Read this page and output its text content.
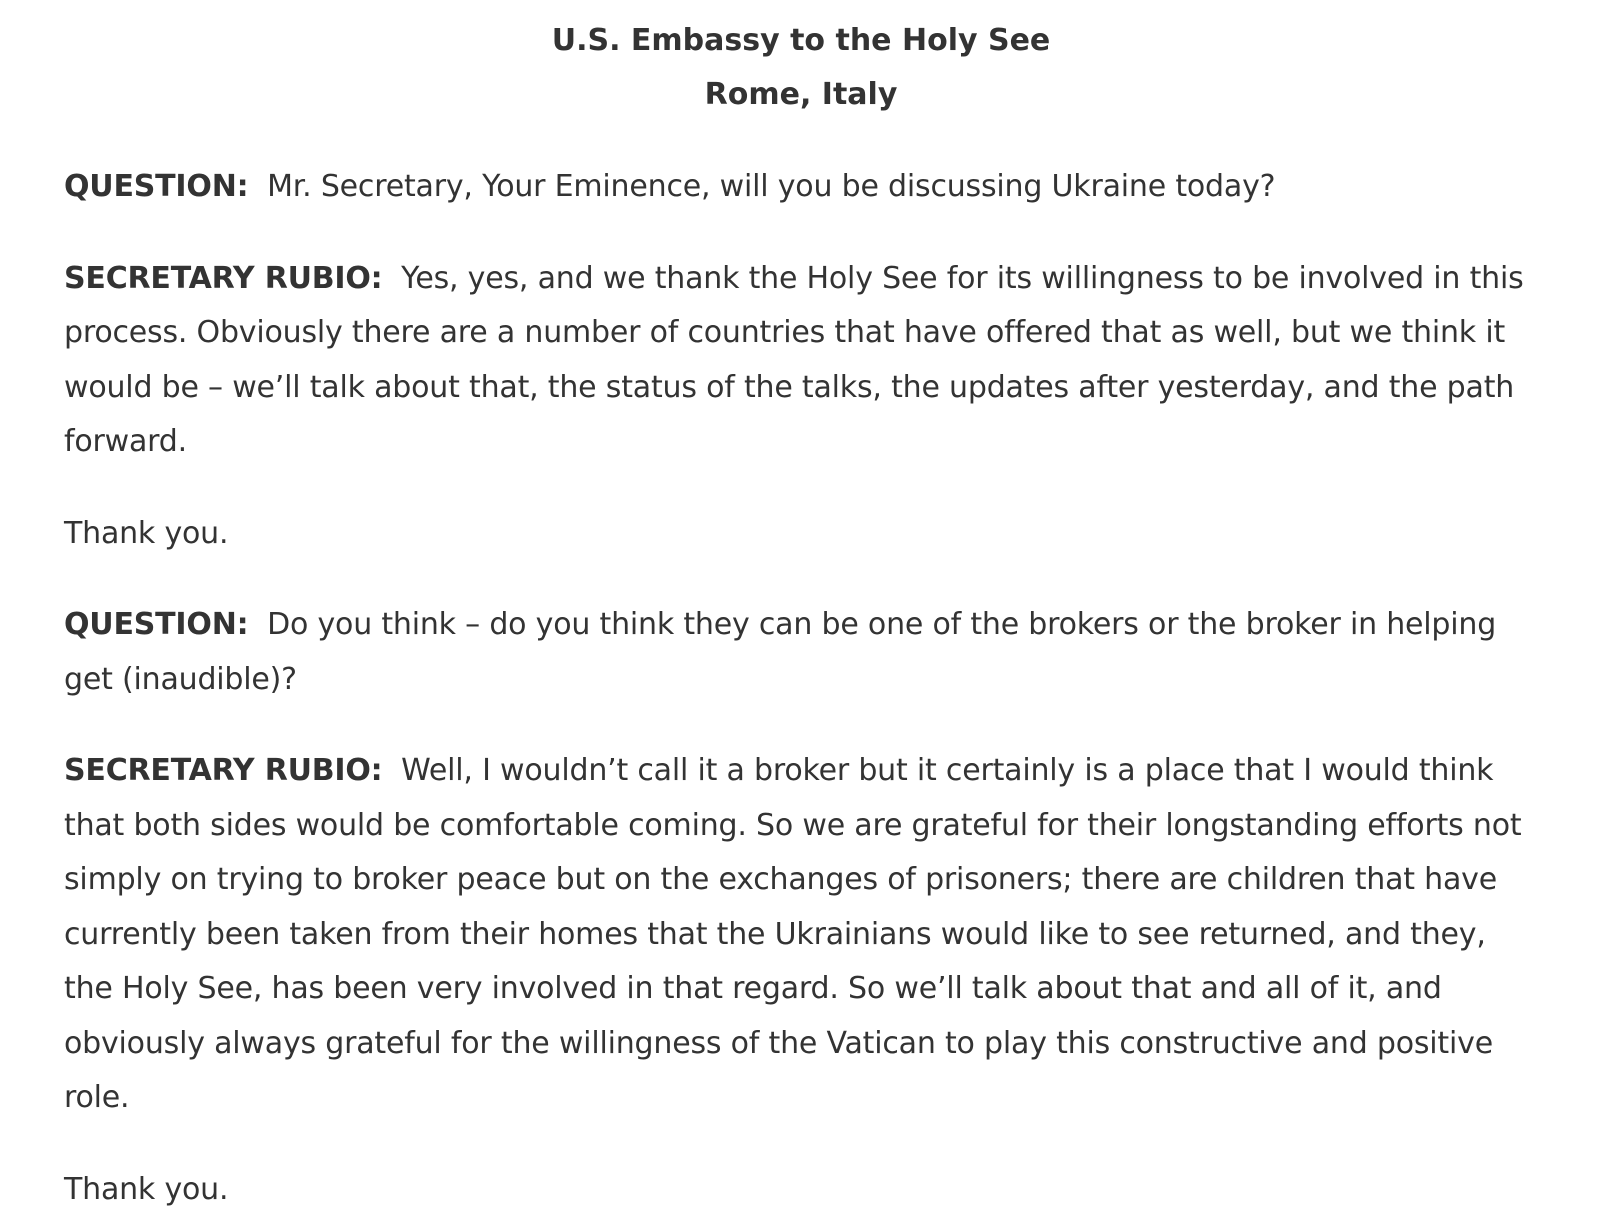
U.S. Embassy to the Holy See
Rome, Italy

QUESTION: Mr. Secretary, Your Eminence, will you be discussing Ukraine today?

SECRETARY RUBIO: Yes, yes, and we thank the Holy See for its willingness to be involved in this process. Obviously there are a number of countries that have offered that as well, but we think it would be – we’ll talk about that, the status of the talks, the updates after yesterday, and the path forward.

Thank you.

QUESTION: Do you think – do you think they can be one of the brokers or the broker in helping get (inaudible)?

SECRETARY RUBIO: Well, I wouldn’t call it a broker but it certainly is a place that I would think that both sides would be comfortable coming. So we are grateful for their longstanding efforts not simply on trying to broker peace but on the exchanges of prisoners; there are children that have currently been taken from their homes that the Ukrainians would like to see returned, and they, the Holy See, has been very involved in that regard. So we’ll talk about that and all of it, and obviously always grateful for the willingness of the Vatican to play this constructive and positive role.

Thank you.
